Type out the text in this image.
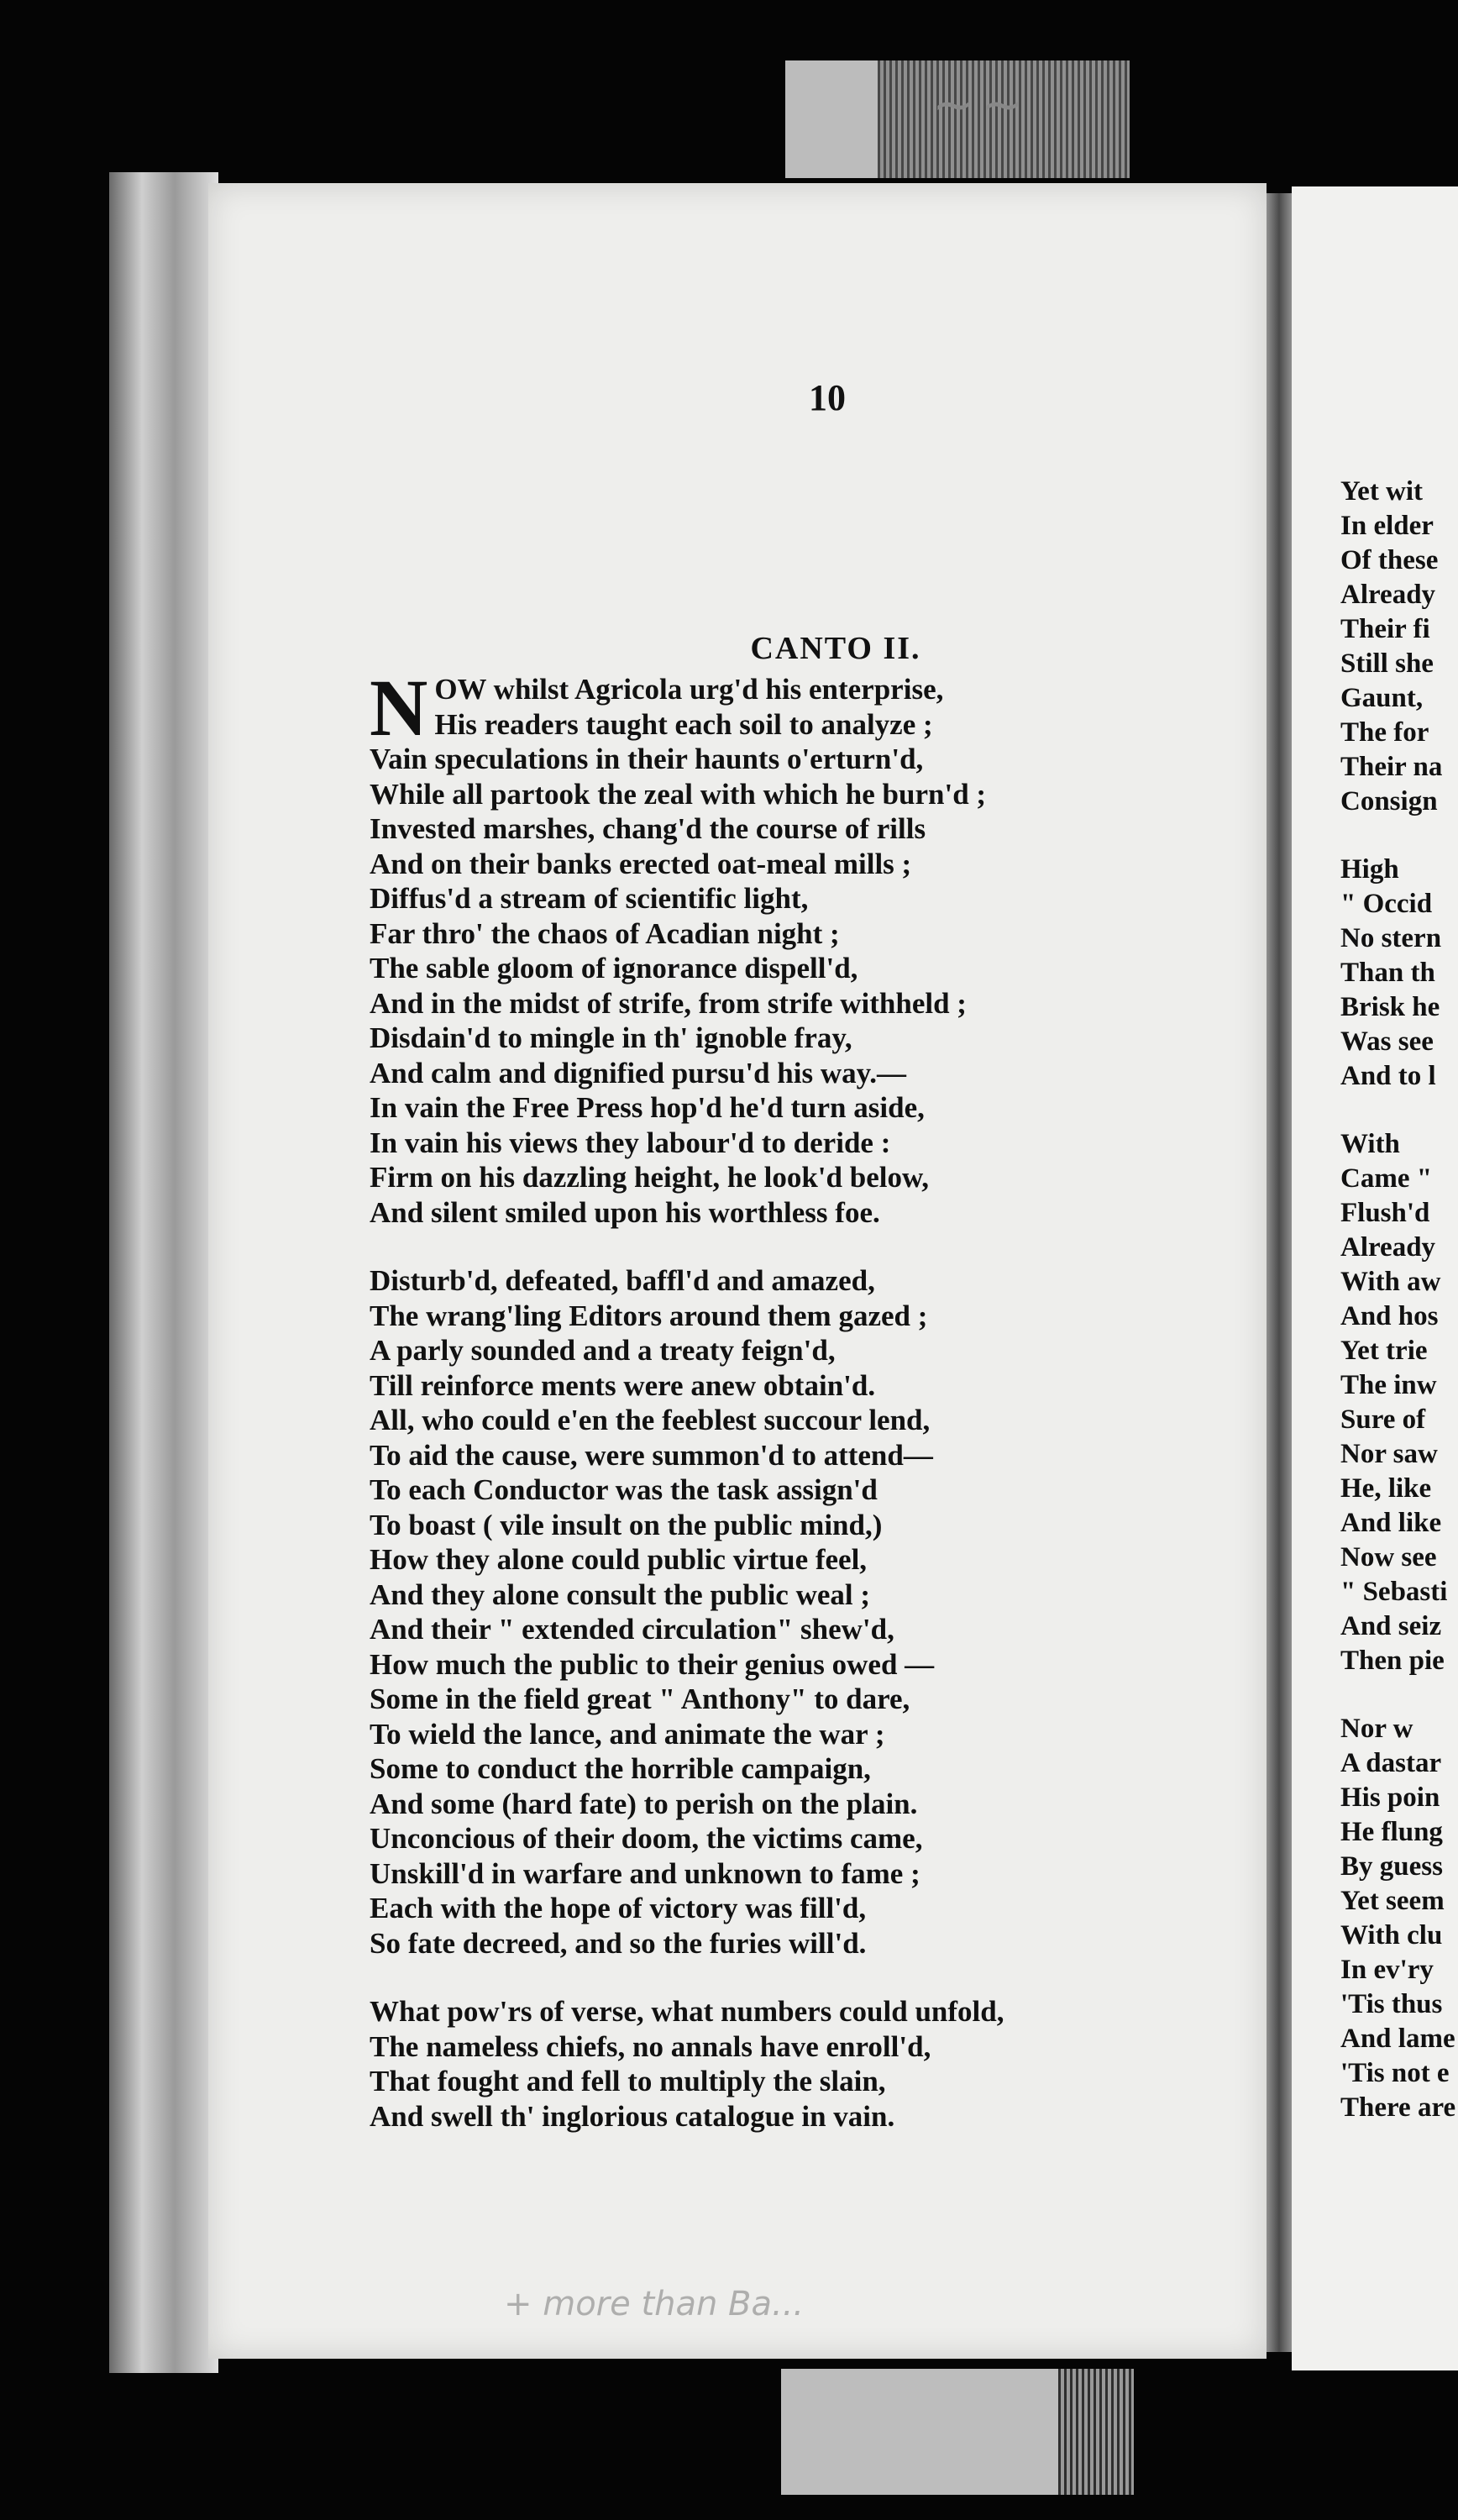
~~
10
CANTO II.
NOW whilst Agricola urg'd his enterprise,
His readers taught each soil to analyze ;
Vain speculations in their haunts o'erturn'd,
While all partook the zeal with which he burn'd ;
Invested marshes, chang'd the course of rills
And on their banks erected oat-meal mills ;
Diffus'd a stream of scientific light,
Far thro' the chaos of Acadian night ;
The sable gloom of ignorance dispell'd,
And in the midst of strife, from strife withheld ;
Disdain'd to mingle in th' ignoble fray,
And calm and dignified pursu'd his way.—
In vain the Free Press hop'd he'd turn aside,
In vain his views they labour'd to deride :
Firm on his dazzling height, he look'd below,
And silent smiled upon his worthless foe.
Disturb'd, defeated, baffl'd and amazed,
The wrang'ling Editors around them gazed ;
A parly sounded and a treaty feign'd,
Till reinforce ments were anew obtain'd.
All, who could e'en the feeblest succour lend,
To aid the cause, were summon'd to attend—
To each Conductor was the task assign'd
To boast ( vile insult on the public mind,)
How they alone could public virtue feel,
And they alone consult the public weal ;
And their " extended circulation" shew'd,
How much the public to their genius owed —
Some in the field great " Anthony" to dare,
To wield the lance, and animate the war ;
Some to conduct the horrible campaign,
And some (hard fate) to perish on the plain.
Unconcious of their doom, the victims came,
Unskill'd in warfare and unknown to fame ;
Each with the hope of victory was fill'd,
So fate decreed, and so the furies will'd.
What pow'rs of verse, what numbers could unfold,
The nameless chiefs, no annals have enroll'd,
That fought and fell to multiply the slain,
And swell th' inglorious catalogue in vain.
+ more than Ba...
Yet wit
In elder
Of these
Already
Their fi
Still she
Gaunt,
The for
Their na
Consign
High
" Occid
No stern
Than th
Brisk he
Was see
And to l
With
Came "
Flush'd
Already
With aw
And hos
Yet trie
The inw
Sure of
Nor saw
He, like
And like
Now see
" Sebasti
And seiz
Then pie
Nor w
A dastar
His poin
He flung
By guess
Yet seem
With clu
In ev'ry
'Tis thus
And lame
'Tis not e
There are
